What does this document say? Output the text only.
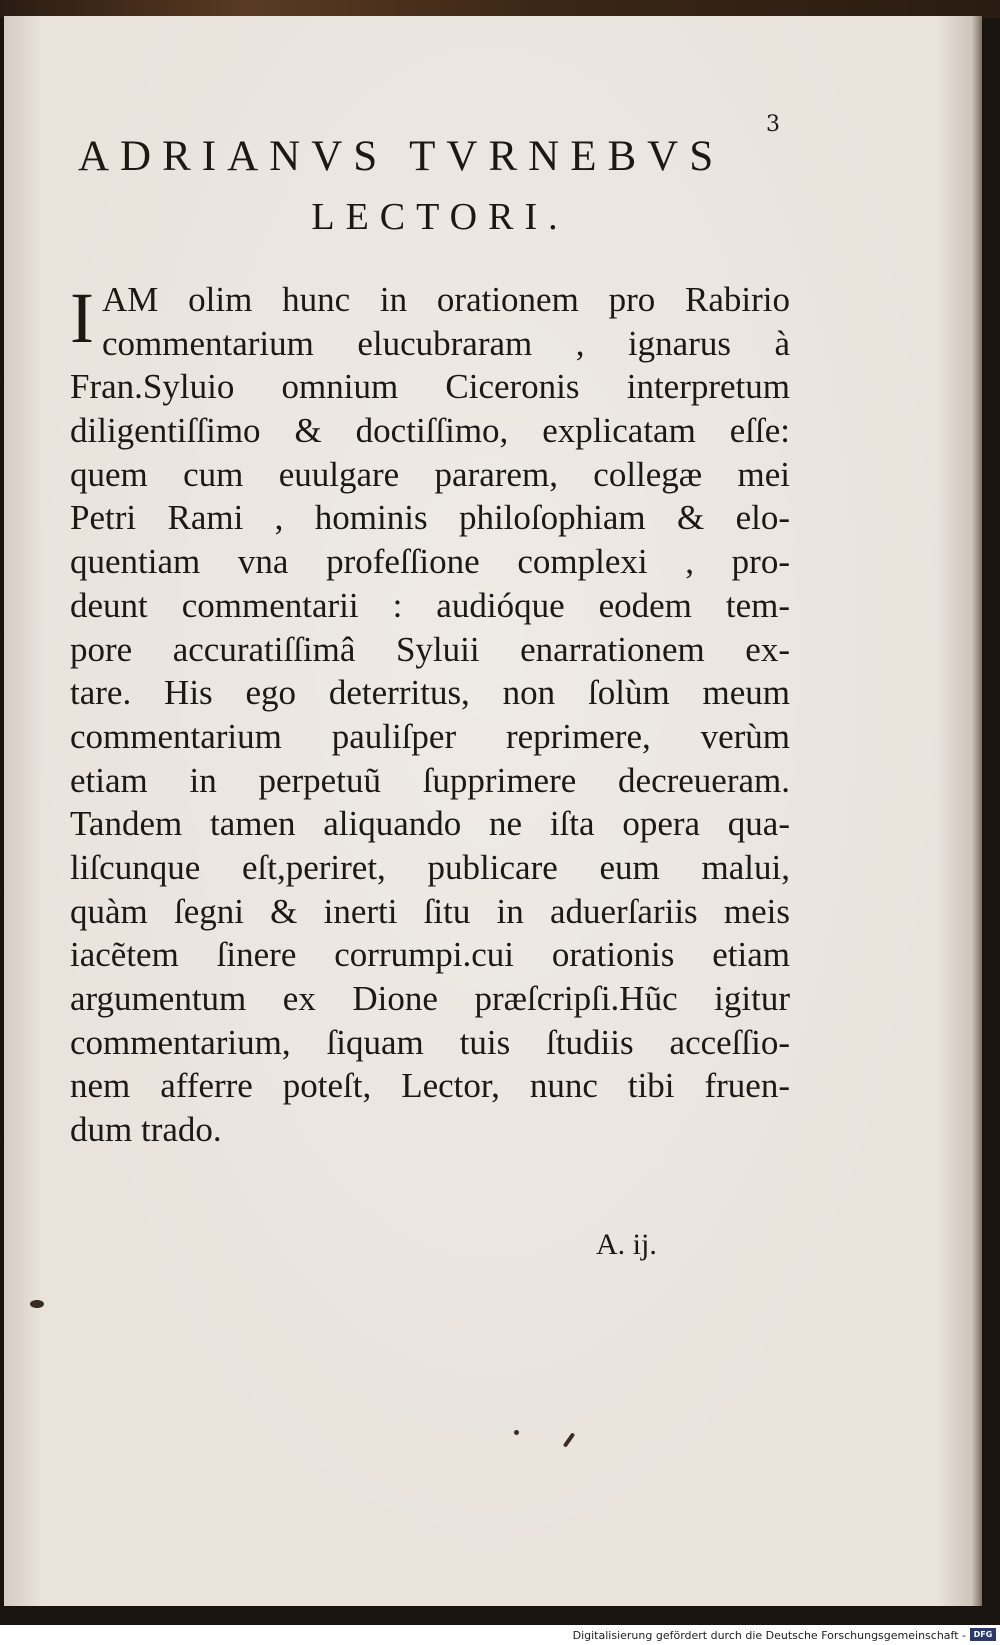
3
ADRIANVS TVRNEBVS
LECTORI.
I AM olim hunc in orationem pro Rabirio
commentarium elucubraram , ignarus à
Fran.Syluio omnium Ciceronis interpretum
diligentiſſimo & doctiſſimo, explicatam eſſe:
quem cum euulgare pararem, collegæ mei
Petri Rami , hominis philoſophiam & elo-
quentiam vna profeſſione complexi , pro-
deunt commentarii : audióque eodem tem-
pore accuratiſſimâ Syluii enarrationem ex-
tare. His ego deterritus, non ſolùm meum
commentarium pauliſper reprimere, verùm
etiam in perpetuũ ſupprimere decreueram.
Tandem tamen aliquando ne iſta opera qua-
liſcunque eſt,periret, publicare eum malui,
quàm ſegni & inerti ſitu in aduerſariis meis
iacẽtem ſinere corrumpi.cui orationis etiam
argumentum ex Dione præſcripſi.Hũc igitur
commentarium, ſiquam tuis ſtudiis acceſſio-
nem afferre poteſt, Lector, nunc tibi fruen-
dum trado.
A. ij.
Digitalisierung gefördert durch die Deutsche Forschungsgemeinschaft - DFG
